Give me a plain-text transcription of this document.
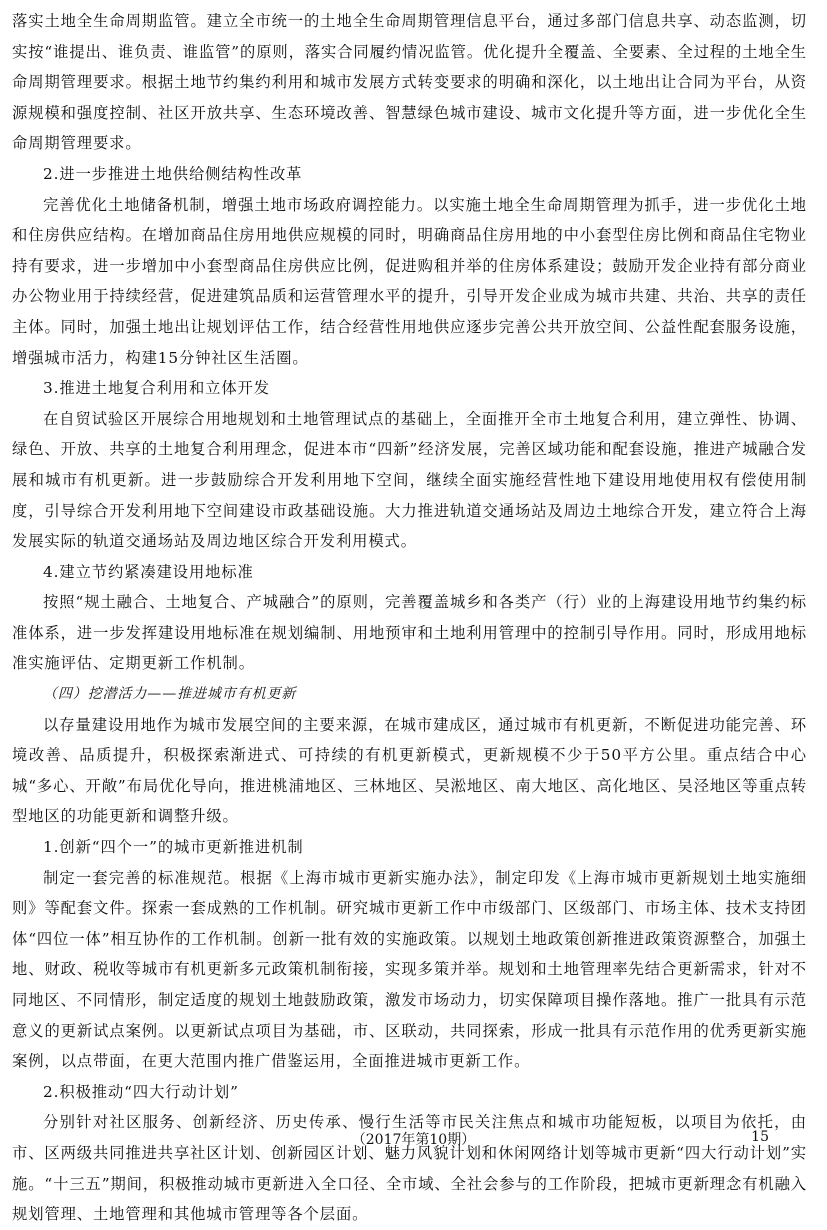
落实土地全生命周期监管。建立全市统一的土地全生命周期管理信息平台，通过多部门信息共享、动态监测，切实按“谁提出、谁负责、谁监管”的原则，落实合同履约情况监管。优化提升全覆盖、全要素、全过程的土地全生命周期管理要求。根据土地节约集约利用和城市发展方式转变要求的明确和深化，以土地出让合同为平台，从资源规模和强度控制、社区开放共享、生态环境改善、智慧绿色城市建设、城市文化提升等方面，进一步优化全生命周期管理要求。

2.进一步推进土地供给侧结构性改革

完善优化土地储备机制，增强土地市场政府调控能力。以实施土地全生命周期管理为抓手，进一步优化土地和住房供应结构。在增加商品住房用地供应规模的同时，明确商品住房用地的中小套型住房比例和商品住宅物业持有要求，进一步增加中小套型商品住房供应比例，促进购租并举的住房体系建设；鼓励开发企业持有部分商业办公物业用于持续经营，促进建筑品质和运营管理水平的提升，引导开发企业成为城市共建、共治、共享的责任主体。同时，加强土地出让规划评估工作，结合经营性用地供应逐步完善公共开放空间、公益性配套服务设施，增强城市活力，构建15分钟社区生活圈。

3.推进土地复合利用和立体开发

在自贸试验区开展综合用地规划和土地管理试点的基础上，全面推开全市土地复合利用，建立弹性、协调、绿色、开放、共享的土地复合利用理念，促进本市“四新”经济发展，完善区域功能和配套设施，推进产城融合发展和城市有机更新。进一步鼓励综合开发利用地下空间，继续全面实施经营性地下建设用地使用权有偿使用制度，引导综合开发利用地下空间建设市政基础设施。大力推进轨道交通场站及周边土地综合开发，建立符合上海发展实际的轨道交通场站及周边地区综合开发利用模式。

4.建立节约紧凑建设用地标准

按照“规土融合、土地复合、产城融合”的原则，完善覆盖城乡和各类产（行）业的上海建设用地节约集约标准体系，进一步发挥建设用地标准在规划编制、用地预审和土地利用管理中的控制引导作用。同时，形成用地标准实施评估、定期更新工作机制。

（四）挖潜活力——推进城市有机更新

以存量建设用地作为城市发展空间的主要来源，在城市建成区，通过城市有机更新，不断促进功能完善、环境改善、品质提升，积极探索渐进式、可持续的有机更新模式，更新规模不少于50平方公里。重点结合中心城“多心、开敞”布局优化导向，推进桃浦地区、三林地区、吴淞地区、南大地区、高化地区、吴泾地区等重点转型地区的功能更新和调整升级。

1.创新“四个一”的城市更新推进机制

制定一套完善的标准规范。根据《上海市城市更新实施办法》，制定印发《上海市城市更新规划土地实施细则》等配套文件。探索一套成熟的工作机制。研究城市更新工作中市级部门、区级部门、市场主体、技术支持团体“四位一体”相互协作的工作机制。创新一批有效的实施政策。以规划土地政策创新推进政策资源整合，加强土地、财政、税收等城市有机更新多元政策机制衔接，实现多策并举。规划和土地管理率先结合更新需求，针对不同地区、不同情形，制定适度的规划土地鼓励政策，激发市场动力，切实保障项目操作落地。推广一批具有示范意义的更新试点案例。以更新试点项目为基础，市、区联动，共同探索，形成一批具有示范作用的优秀更新实施案例，以点带面，在更大范围内推广借鉴运用，全面推进城市更新工作。

2.积极推动“四大行动计划”

分别针对社区服务、创新经济、历史传承、慢行生活等市民关注焦点和城市功能短板，以项目为依托，由市、区两级共同推进共享社区计划、创新园区计划、魅力风貌计划和休闲网络计划等城市更新“四大行动计划”实施。“十三五”期间，积极推动城市更新进入全口径、全市域、全社会参与的工作阶段，把城市更新理念有机融入规划管理、土地管理和其他城市管理等各个层面。

（2017年第10期）	15
